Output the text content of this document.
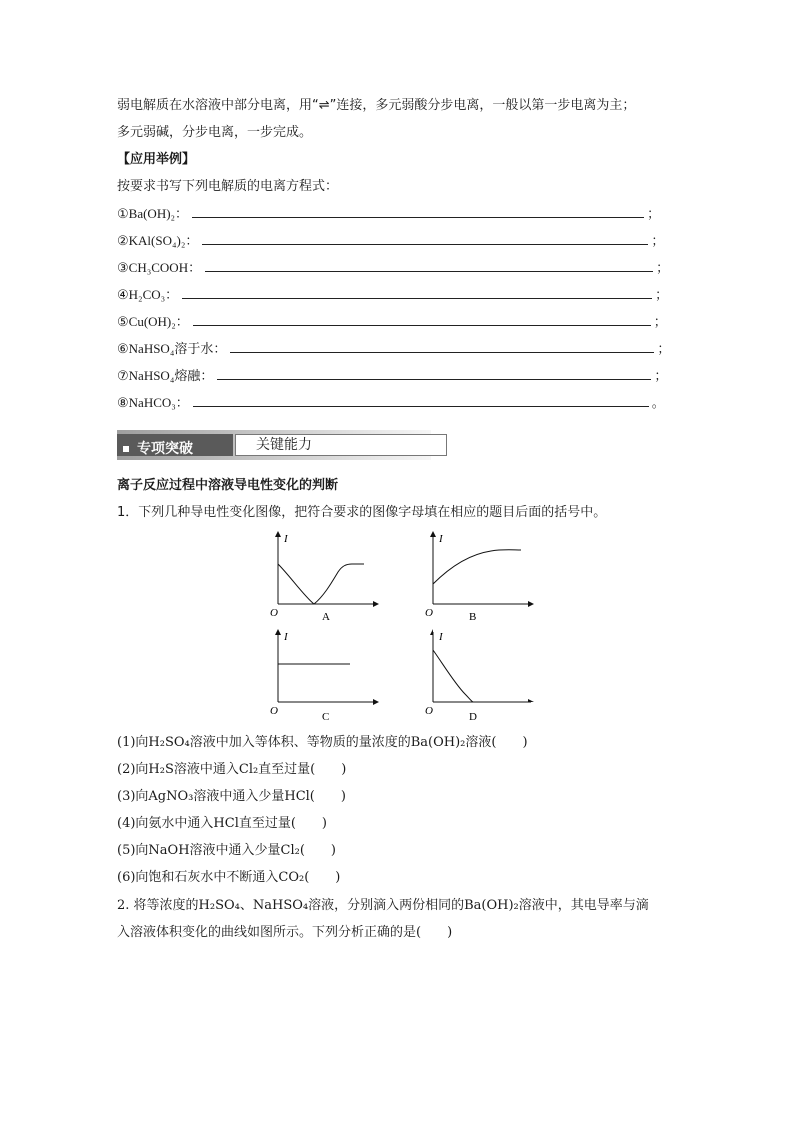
弱电解质在水溶液中部分电离，用“⇌”连接，多元弱酸分步电离，一般以第一步电离为主；
多元弱碱，分步电离，一步完成。
【应用举例】
按要求书写下列电解质的电离方程式：
①Ba(OH)₂：	；
②KAl(SO₄)₂：	；
③CH₃COOH：	；
④H₂CO₃：	；
⑤Cu(OH)₂：	；
⑥NaHSO₄溶于水：	；
⑦NaHSO₄熔融：	；
⑧NaHCO₃：	。
专项突破	关键能力
离子反应过程中溶液导电性变化的判断
1．下列几种导电性变化图像，把符合要求的图像字母填在相应的题目后面的括号中。
I
O	A
I
O	B
I
O	C
I
O	D
(1)向H₂SO₄溶液中加入等体积、等物质的量浓度的Ba(OH)₂溶液(　　)
(2)向H₂S溶液中通入Cl₂直至过量(　　)
(3)向AgNO₃溶液中通入少量HCl(　　)
(4)向氨水中通入HCl直至过量(　　)
(5)向NaOH溶液中通入少量Cl₂(　　)
(6)向饱和石灰水中不断通入CO₂(　　)
2. 将等浓度的H₂SO₄、NaHSO₄溶液，分别滴入两份相同的Ba(OH)₂溶液中，其电导率与滴
入溶液体积变化的曲线如图所示。下列分析正确的是(　　)
